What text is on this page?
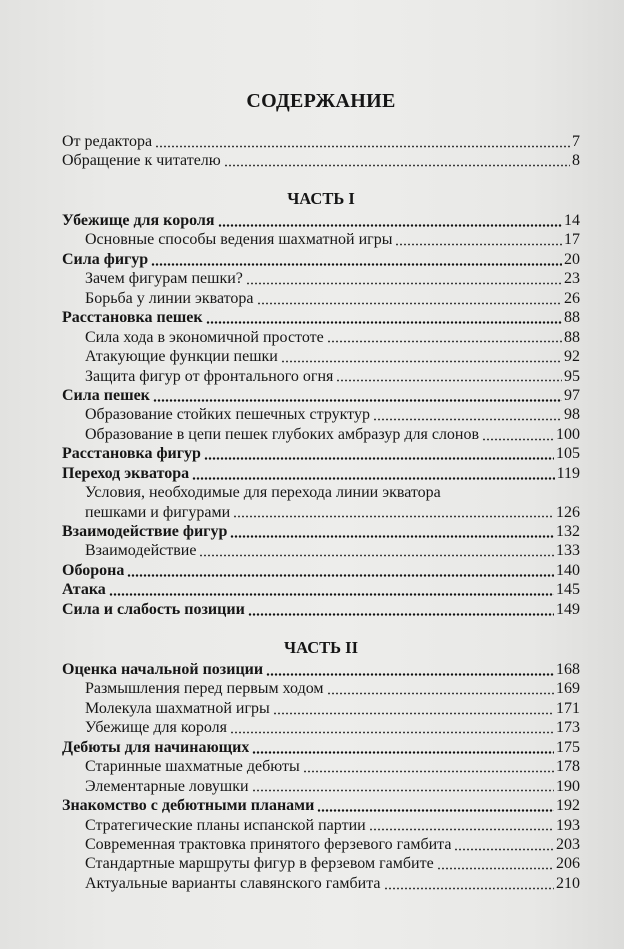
СОДЕРЖАНИЕ
От редактора	7
Обращение к читателю	8
ЧАСТЬ I
Убежище для короля	14
Основные способы ведения шахматной игры	17
Сила фигур	20
Зачем фигурам пешки?	23
Борьба у линии экватора	26
Расстановка пешек	88
Сила хода в экономичной простоте	88
Атакующие функции пешки	92
Защита фигур от фронтального огня	95
Сила пешек	97
Образование стойких пешечных структур	98
Образование в цепи пешек глубоких амбразур для слонов	100
Расстановка фигур	105
Переход экватора	119
Условия, необходимые для перехода линии экватора
пешками и фигурами	126
Взаимодействие фигур	132
Взаимодействие	133
Оборона	140
Атака	145
Сила и слабость позиции	149
ЧАСТЬ II
Оценка начальной позиции	168
Размышления перед первым ходом	169
Молекула шахматной игры	171
Убежище для короля	173
Дебюты для начинающих	175
Старинные шахматные дебюты	178
Элементарные ловушки	190
Знакомство с дебютными планами	192
Стратегические планы испанской партии	193
Современная трактовка принятого ферзевого гамбита	203
Стандартные маршруты фигур в ферзевом гамбите	206
Актуальные варианты славянского гамбита	210
